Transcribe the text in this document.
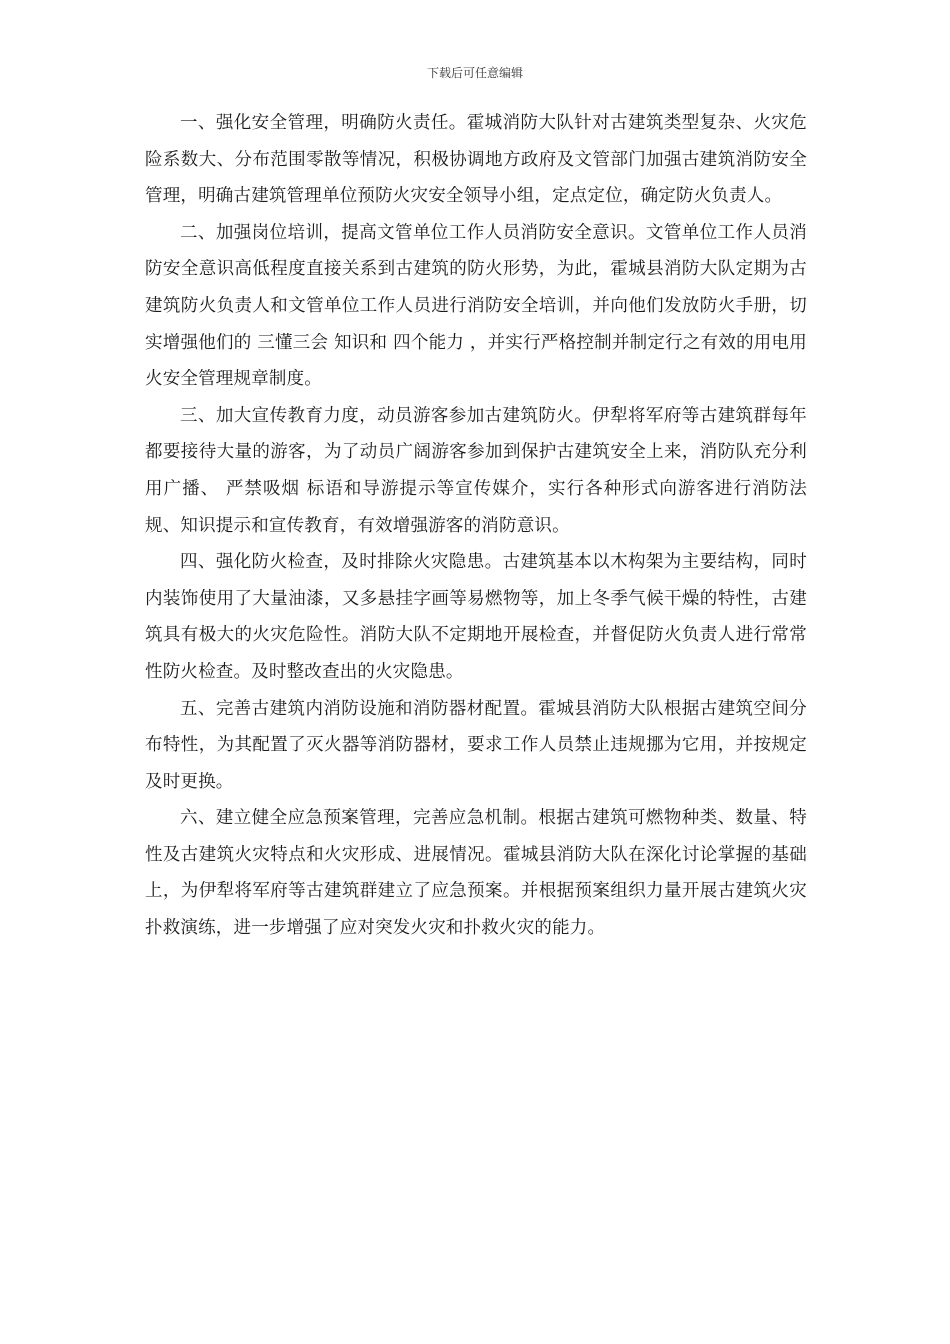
下载后可任意编辑

一、强化安全管理，明确防火责任。霍城消防大队针对古建筑类型复杂、火灾危险系数大、分布范围零散等情况，积极协调地方政府及文管部门加强古建筑消防安全管理，明确古建筑管理单位预防火灾安全领导小组，定点定位，确定防火负责人。

二、加强岗位培训，提高文管单位工作人员消防安全意识。文管单位工作人员消防安全意识高低程度直接关系到古建筑的防火形势，为此，霍城县消防大队定期为古建筑防火负责人和文管单位工作人员进行消防安全培训，并向他们发放防火手册，切实增强他们的 三懂三会 知识和 四个能力 ，并实行严格控制并制定行之有效的用电用火安全管理规章制度。

三、加大宣传教育力度，动员游客参加古建筑防火。伊犁将军府等古建筑群每年都要接待大量的游客，为了动员广阔游客参加到保护古建筑安全上来，消防队充分利用广播、 严禁吸烟 标语和导游提示等宣传媒介，实行各种形式向游客进行消防法规、知识提示和宣传教育，有效增强游客的消防意识。

四、强化防火检查，及时排除火灾隐患。古建筑基本以木构架为主要结构，同时内装饰使用了大量油漆，又多悬挂字画等易燃物等，加上冬季气候干燥的特性，古建筑具有极大的火灾危险性。消防大队不定期地开展检查，并督促防火负责人进行常常性防火检查。及时整改查出的火灾隐患。

五、完善古建筑内消防设施和消防器材配置。霍城县消防大队根据古建筑空间分布特性，为其配置了灭火器等消防器材，要求工作人员禁止违规挪为它用，并按规定及时更换。

六、建立健全应急预案管理，完善应急机制。根据古建筑可燃物种类、数量、特性及古建筑火灾特点和火灾形成、进展情况。霍城县消防大队在深化讨论掌握的基础上，为伊犁将军府等古建筑群建立了应急预案。并根据预案组织力量开展古建筑火灾扑救演练，进一步增强了应对突发火灾和扑救火灾的能力。
